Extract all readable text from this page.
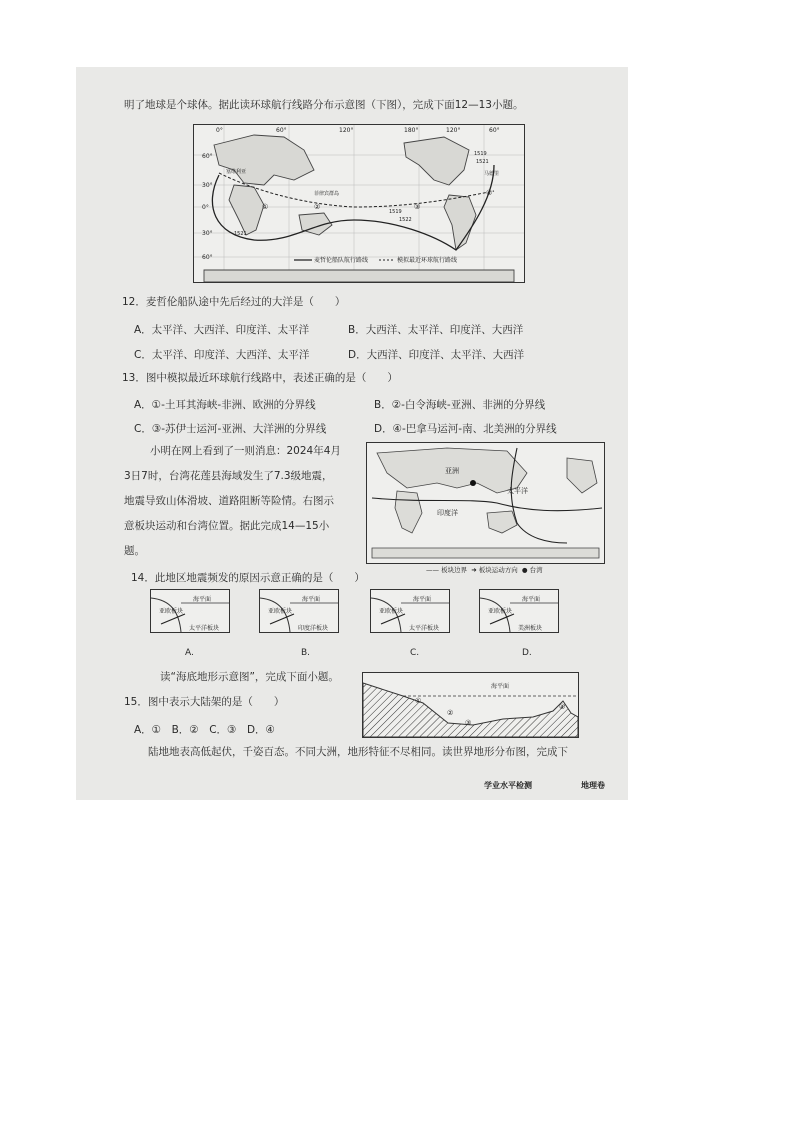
明了地球是个球体。据此读环球航行线路分布示意图（下图），完成下面12—13小题。
①	②	③
④
塞维利亚
菲律宾群岛
马德里
1519
1522
1521
1519
1521
60°
30°
0°
30°
60°
0°	60°	120°	180°	120°	60°
麦哲伦船队航行路线	模拟最近环球航行路线
12．麦哲伦船队途中先后经过的大洋是（　　）
A．太平洋、大西洋、印度洋、太平洋	B．大西洋、太平洋、印度洋、大西洋
C．太平洋、印度洋、大西洋、太平洋	D．大西洋、印度洋、太平洋、大西洋
13．图中模拟最近环球航行线路中，表述正确的是（　　）
A．①-土耳其海峡-非洲、欧洲的分界线	B．②-白令海峡-亚洲、非洲的分界线
C．③-苏伊士运河-亚洲、大洋洲的分界线	D．④-巴拿马运河-南、北美洲的分界线
小明在网上看到了一则消息：2024年4月
3日7时，台湾花莲县海域发生了7.3级地震，
地震导致山体滑坡、道路阻断等险情。右图示
意板块运动和台湾位置。据此完成14—15小
题。
亚洲
太平洋
印度洋
—— 板块边界  ➜ 板块运动方向  ● 台湾
14．此地区地震频发的原因示意正确的是（　　）
海平面
亚欧板块
太平洋板块
海平面
亚欧板块
印度洋板块
海平面
亚欧板块
太平洋板块
海平面
亚欧板块
美洲板块
A.	B.	C.	D.
读“海底地形示意图”，完成下面小题。
海平面
①
②
③
④
15．图中表示大陆架的是（　　）
A．①　B．②　C．③　D．④
陆地地表高低起伏，千姿百态。不同大洲，地形特征不尽相同。读世界地形分布图，完成下
学业水平检测	地理卷
